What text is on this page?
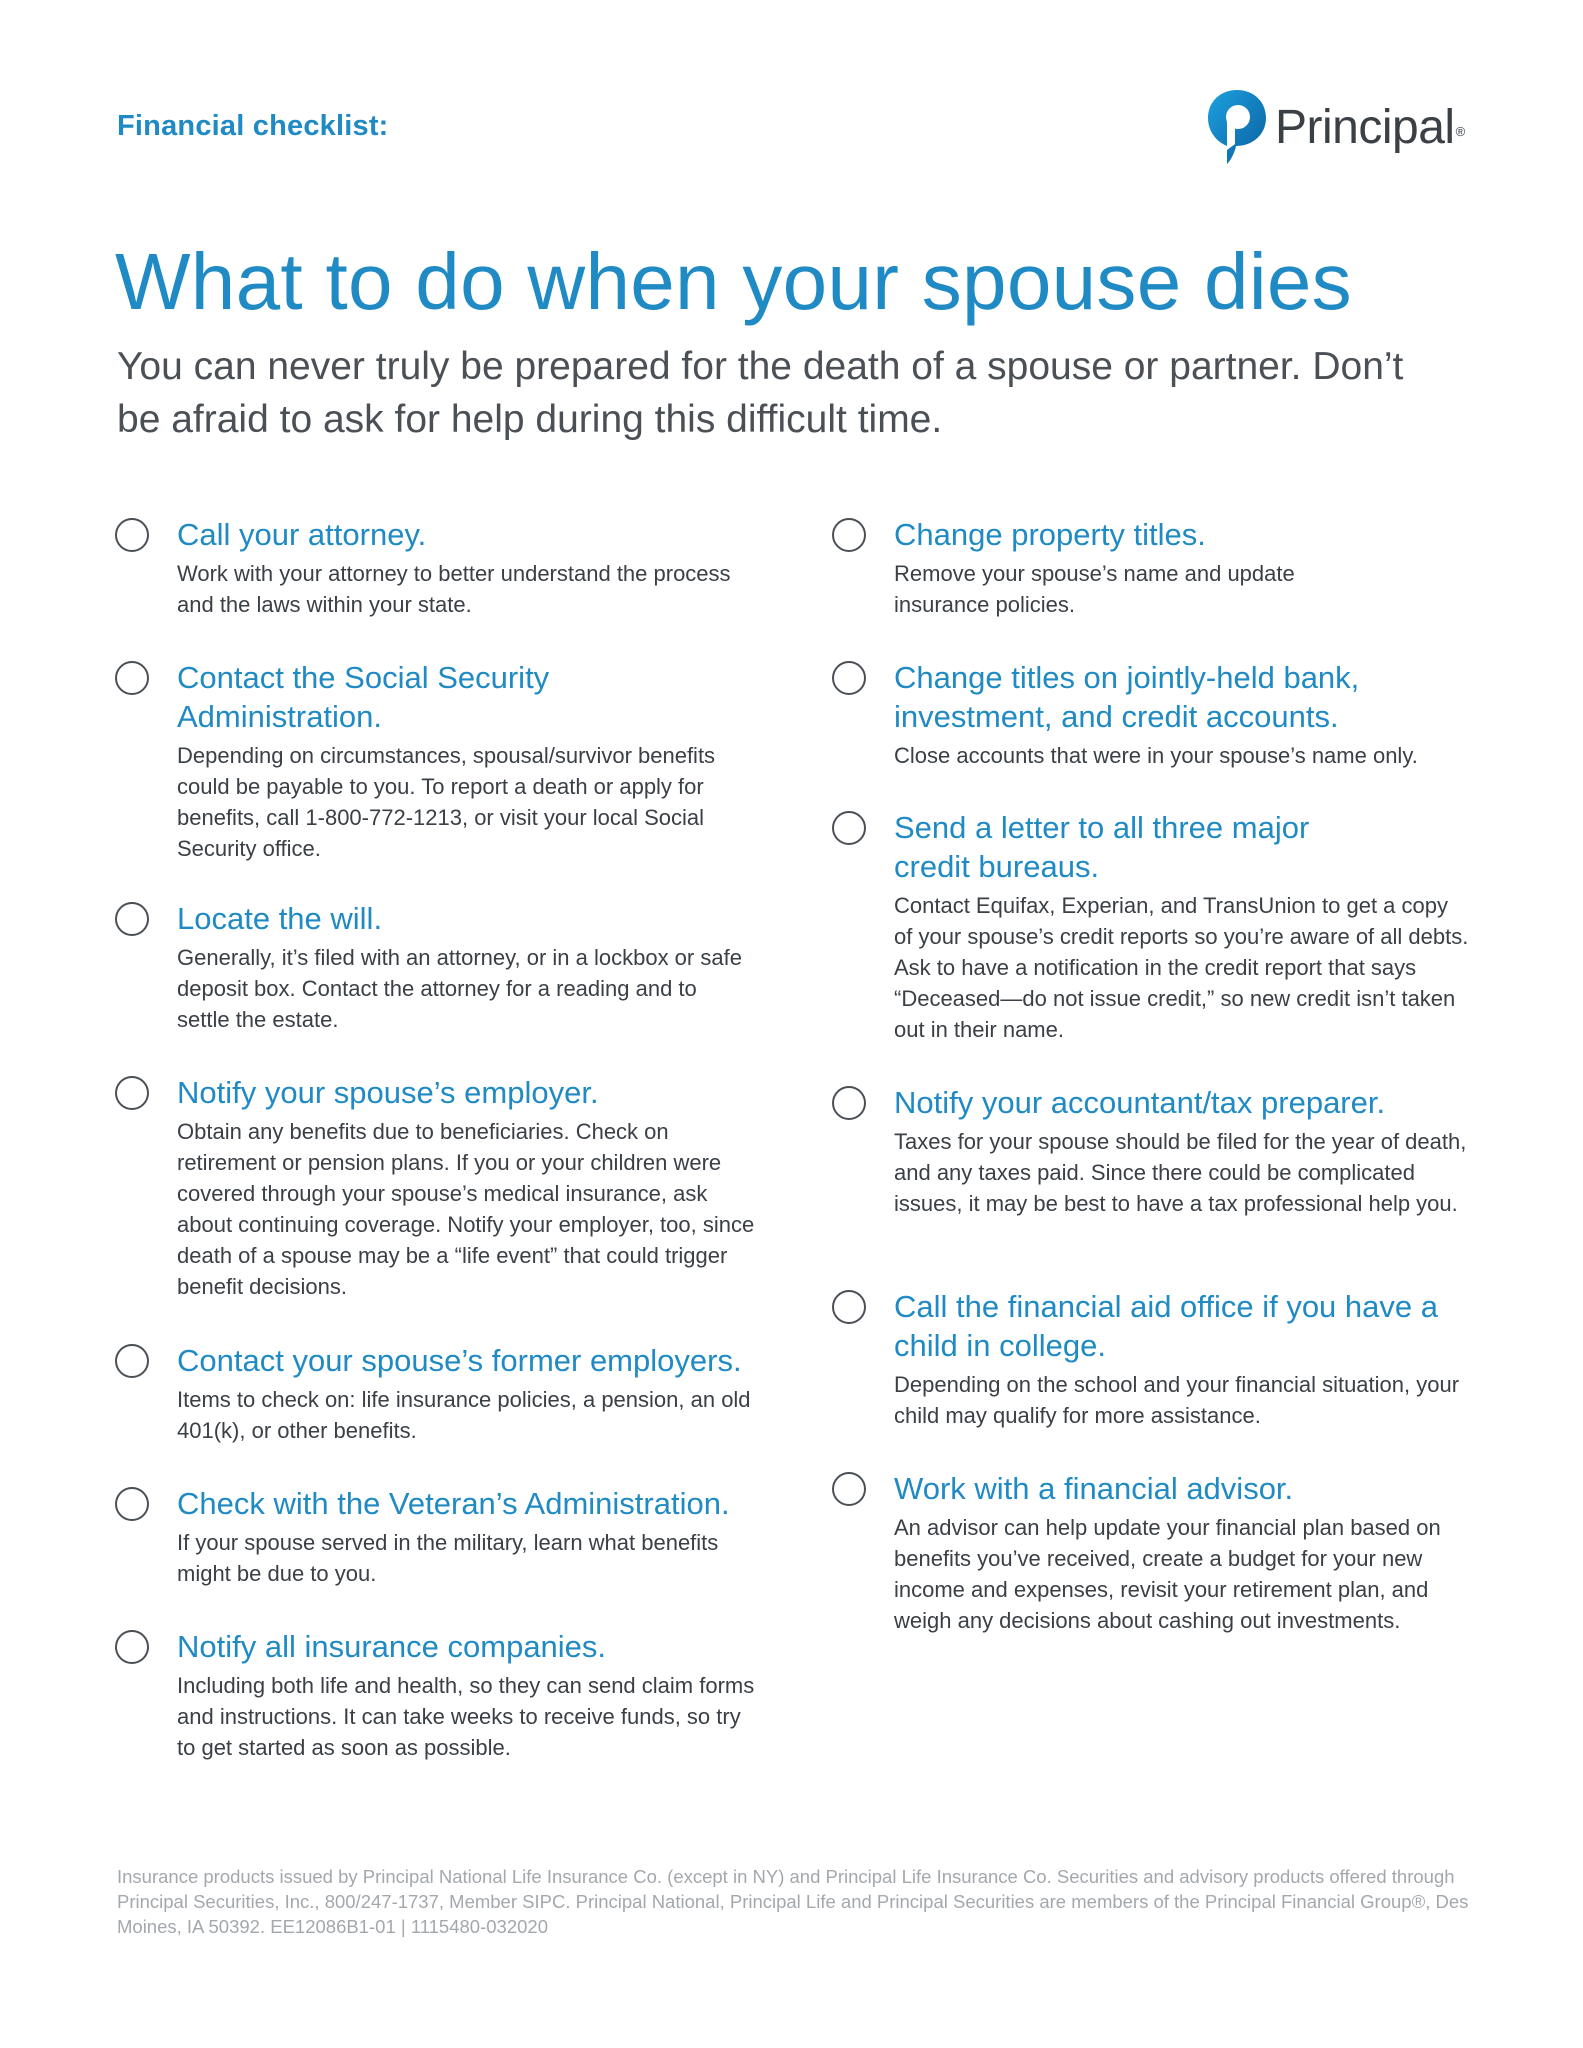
Financial checklist:	Principal ®
What to do when your spouse dies

You can never truly be prepared for the death of a spouse or partner. Don’t be afraid to ask for help during this difficult time.

Call your attorney.

Work with your attorney to better understand the process and the laws within your state.

Contact the Social Security Administration.

Depending on circumstances, spousal/survivor benefits could be payable to you. To report a death or apply for benefits, call 1-800-772-1213, or visit your local Social Security office.

Locate the will.

Generally, it’s filed with an attorney, or in a lockbox or safe deposit box. Contact the attorney for a reading and to settle the estate.

Notify your spouse’s employer.

Obtain any benefits due to beneficiaries. Check on retirement or pension plans. If you or your children were covered through your spouse’s medical insurance, ask about continuing coverage. Notify your employer, too, since death of a spouse may be a “life event” that could trigger benefit decisions.

Contact your spouse’s former employers.

Items to check on: life insurance policies, a pension, an old 401(k), or other benefits.

Check with the Veteran’s Administration.

If your spouse served in the military, learn what benefits might be due to you.

Notify all insurance companies.

Including both life and health, so they can send claim forms and instructions. It can take weeks to receive funds, so try to get started as soon as possible.

Change property titles.

Remove your spouse’s name and update insurance policies.

Change titles on jointly-held bank, investment, and credit accounts.

Close accounts that were in your spouse’s name only.

Send a letter to all three major credit bureaus.

Contact Equifax, Experian, and TransUnion to get a copy of your spouse’s credit reports so you’re aware of all debts. Ask to have a notification in the credit report that says “Deceased—do not issue credit,” so new credit isn’t taken out in their name.

Notify your accountant/tax preparer.

Taxes for your spouse should be filed for the year of death, and any taxes paid. Since there could be complicated issues, it may be best to have a tax professional help you.

Call the financial aid office if you have a child in college.

Depending on the school and your financial situation, your child may qualify for more assistance.

Work with a financial advisor.

An advisor can help update your financial plan based on benefits you’ve received, create a budget for your new income and expenses, revisit your retirement plan, and weigh any decisions about cashing out investments.

Insurance products issued by Principal National Life Insurance Co. (except in NY) and Principal Life Insurance Co. Securities and advisory products offered through Principal Securities, Inc., 800/247-1737, Member SIPC. Principal National, Principal Life and Principal Securities are members of the Principal Financial Group®, Des Moines, IA 50392. EE12086B1-01 | 1115480-032020
